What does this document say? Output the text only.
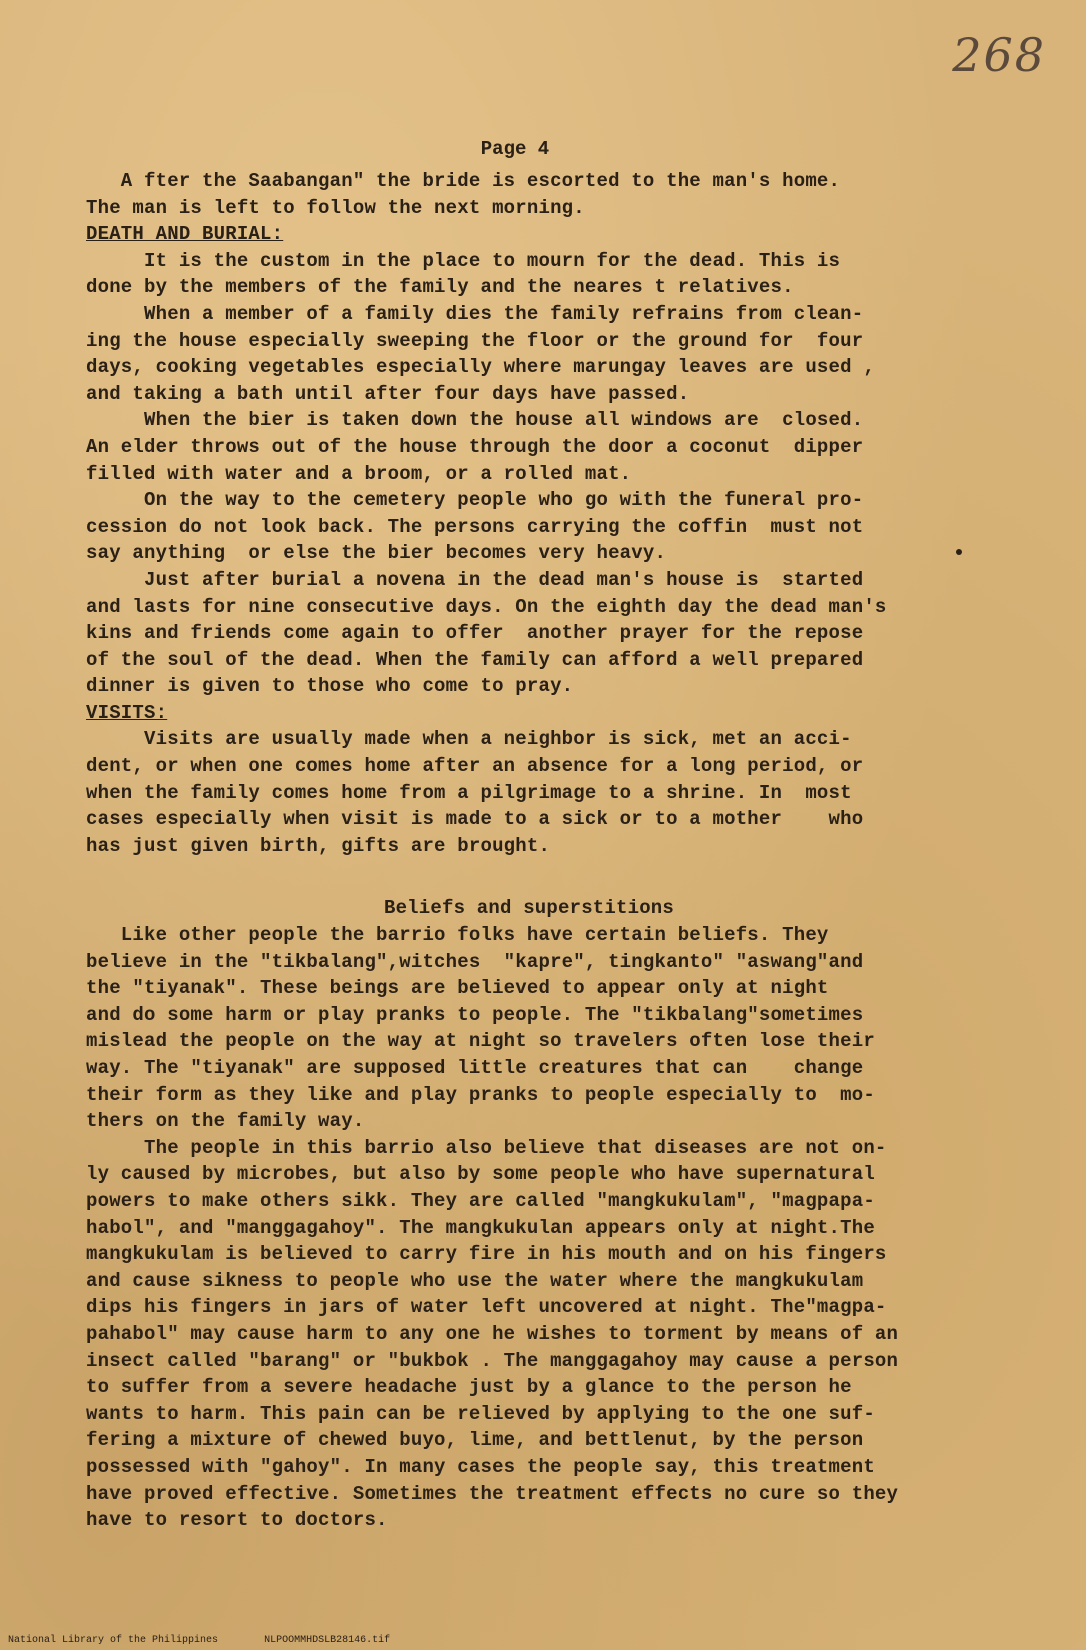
268
Page 4
A fter the Saabangan" the bride is escorted to the man's home.
The man is left to follow the next morning.
DEATH AND BURIAL:
It is the custom in the place to mourn for the dead. This is
done by the members of the family and the neares t relatives.
When a member of a family dies the family refrains from clean-
ing the house especially sweeping the floor or the ground for  four
days, cooking vegetables especially where marungay leaves are used ,
and taking a bath until after four days have passed.
When the bier is taken down the house all windows are  closed.
An elder throws out of the house through the door a coconut  dipper
filled with water and a broom, or a rolled mat.
On the way to the cemetery people who go with the funeral pro-
cession do not look back. The persons carrying the coffin  must not
say anything  or else the bier becomes very heavy.
Just after burial a novena in the dead man's house is  started
and lasts for nine consecutive days. On the eighth day the dead man's
kins and friends come again to offer  another prayer for the repose
of the soul of the dead. When the family can afford a well prepared
dinner is given to those who come to pray.
VISITS:
Visits are usually made when a neighbor is sick, met an acci-
dent, or when one comes home after an absence for a long period, or
when the family comes home from a pilgrimage to a shrine. In  most
cases especially when visit is made to a sick or to a mother    who
has just given birth, gifts are brought.
Beliefs and superstitions
Like other people the barrio folks have certain beliefs. They
believe in the "tikbalang",witches  "kapre", tingkanto" "aswang"and
the "tiyanak". These beings are believed to appear only at night
and do some harm or play pranks to people. The "tikbalang"sometimes
mislead the people on the way at night so travelers often lose their
way. The "tiyanak" are supposed little creatures that can    change
their form as they like and play pranks to people especially to  mo-
thers on the family way.
The people in this barrio also believe that diseases are not on-
ly caused by microbes, but also by some people who have supernatural
powers to make others sikk. They are called "mangkukulam", "magpapa-
habol", and "manggagahoy". The mangkukulan appears only at night.The
mangkukulam is believed to carry fire in his mouth and on his fingers
and cause sikness to people who use the water where the mangkukulam
dips his fingers in jars of water left uncovered at night. The"magpa-
pahabol" may cause harm to any one he wishes to torment by means of an
insect called "barang" or "bukbok . The manggagahoy may cause a person
to suffer from a severe headache just by a glance to the person he
wants to harm. This pain can be relieved by applying to the one suf-
fering a mixture of chewed buyo, lime, and bettlenut, by the person
possessed with "gahoy". In many cases the people say, this treatment
have proved effective. Sometimes the treatment effects no cure so they
have to resort to doctors.
National Library of the Philippines	NLPOOMMHDSLB28146.tif
